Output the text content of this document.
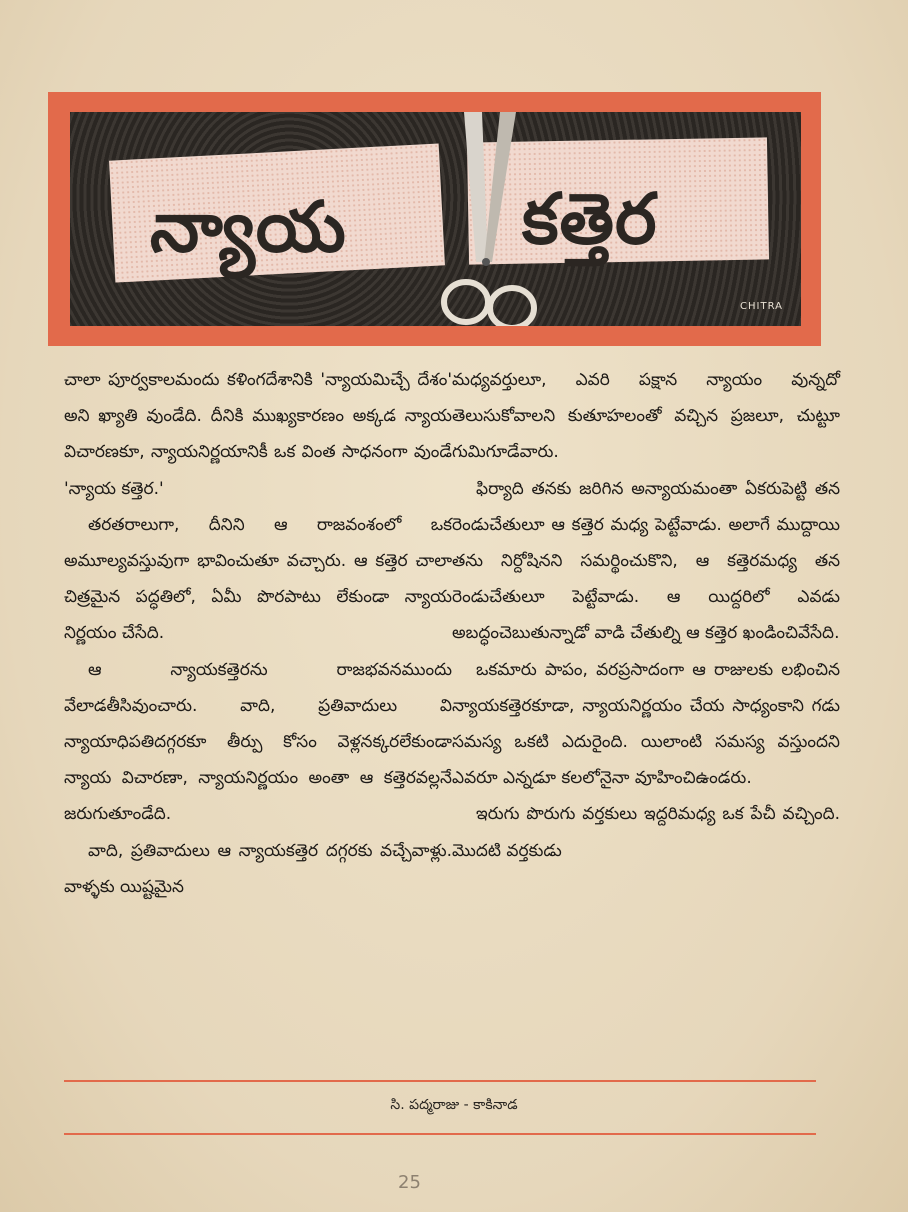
న్యాయ	కత్తెర
CHITRA

చాలా పూర్వకాలమందు కళింగదేశానికి 'న్యాయమిచ్చే దేశం' అని ఖ్యాతి వుండేది. దీనికి ముఖ్యకారణం అక్కడ న్యాయ విచారణకూ, న్యాయనిర్ణయానికీ ఒక వింత సాధనంగా వుండే 'న్యాయ కత్తెర.'

తరతరాలుగా, దీనిని ఆ రాజవంశంలో ఒక అమూల్యవస్తువుగా భావించుతూ వచ్చారు. ఆ కత్తెర చాలా చిత్రమైన పద్ధతిలో, ఏమీ పొరపాటు లేకుండా న్యాయ నిర్ణయం చేసేది.

ఆ న్యాయకత్తెరను రాజభవనముందు వేలాడతీసివుంచారు. వాది, ప్రతివాదులు వి న్యాయాధిపతిదగ్గరకూ తీర్పు కోసం వెళ్లనక్కరలేకుండా న్యాయ విచారణా, న్యాయనిర్ణయం అంతా ఆ కత్తెరవల్లనే జరుగుతూండేది.

వాది, ప్రతివాదులు ఆ న్యాయకత్తెర దగ్గరకు వచ్చేవాళ్లు. వాళ్ళకు యిష్టమైన

మధ్యవర్తులూ, ఎవరి పక్షాన న్యాయం వున్నదో తెలుసుకోవాలని కుతూహలంతో వచ్చిన ప్రజలూ, చుట్టూ గుమిగూడేవారు.

ఫిర్యాది తనకు జరిగిన అన్యాయమంతా ఏకరుపెట్టి తన రెండుచేతులూ ఆ కత్తెర మధ్య పెట్టేవాడు. అలాగే ముద్దాయి తను నిర్దోషినని సమర్థించుకొని, ఆ కత్తెరమధ్య తన రెండుచేతులూ పెట్టేవాడు. ఆ యిద్దరిలో ఎవడు అబద్ధంచెబుతున్నాడో వాడి చేతుల్ని ఆ కత్తెర ఖండించివేసేది.

ఒకమారు పాపం, వరప్రసాదంగా ఆ రాజులకు లభించిన న్యాయకత్తెరకూడా, న్యాయనిర్ణయం చేయ సాధ్యంకాని గడు సమస్య ఒకటి ఎదురైంది. యిలాంటి సమస్య వస్తుందని ఎవరూ ఎన్నడూ కలలోనైనా వూహించిఉండరు.

ఇరుగు పొరుగు వర్తకులు ఇద్దరిమధ్య ఒక పేచీ వచ్చింది. మొదటి వర్తకుడు

సి. పద్మరాజు - కాకినాడ
25
